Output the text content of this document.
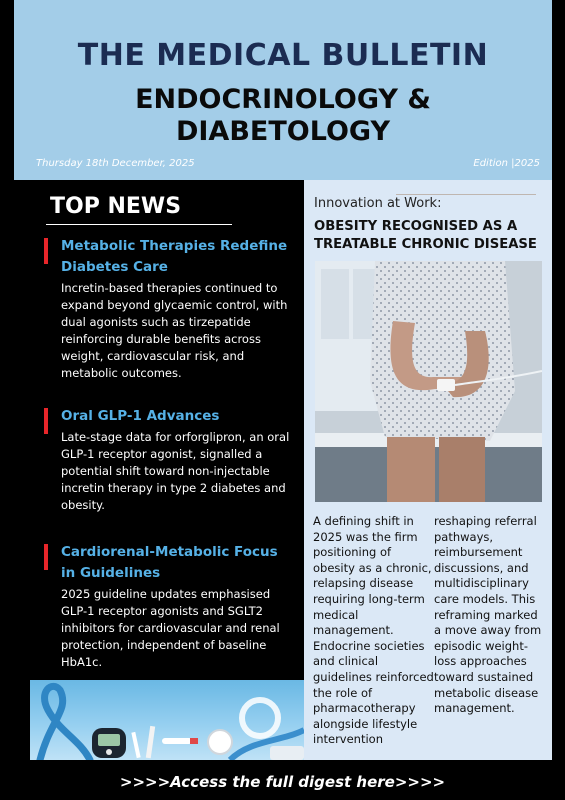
THE MEDICAL BULLETIN
ENDOCRINOLOGY &
DIABETOLOGY
Thursday 18th December, 2025	Edition |2025
TOP NEWS
Metabolic Therapies Redefine Diabetes Care
Incretin-based therapies continued to expand beyond glycaemic control, with dual agonists such as tirzepatide reinforcing durable benefits across weight, cardiovascular risk, and metabolic outcomes.
Oral GLP-1 Advances
Late-stage data for orforglipron, an oral GLP-1 receptor agonist, signalled a potential shift toward non-injectable incretin therapy in type 2 diabetes and obesity.
Cardiorenal-Metabolic Focus in Guidelines
2025 guideline updates emphasised GLP-1 receptor agonists and SGLT2 inhibitors for cardiovascular and renal protection, independent of baseline HbA1c.
Innovation at Work:
OBESITY RECOGNISED AS A TREATABLE CHRONIC DISEASE
A defining shift in 2025 was the firm positioning of obesity as a chronic, relapsing disease requiring long-term medical management. Endocrine societies and clinical guidelines reinforced the role of pharmacotherapy alongside lifestyle intervention
reshaping referral pathways, reimbursement discussions, and multidisciplinary care models. This reframing marked a move away from episodic weight-loss approaches toward sustained metabolic disease management.
>>>>Access the full digest here>>>>
